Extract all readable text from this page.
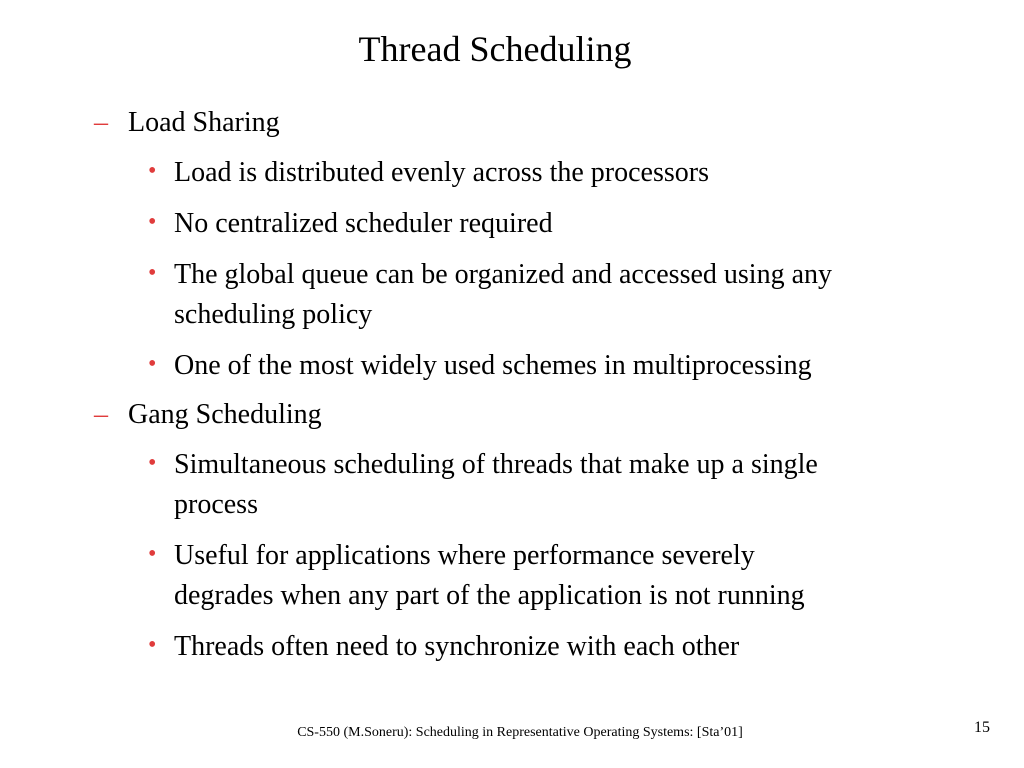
Thread Scheduling
– Load Sharing
• Load is distributed evenly across the processors
• No centralized scheduler required
• The global queue can be organized and accessed using any
scheduling policy
• One of the most widely used schemes in multiprocessing
– Gang Scheduling
• Simultaneous scheduling of threads that make up a single
process
• Useful for applications where performance severely
degrades when any part of the application is not running
• Threads often need to synchronize with each other
CS-550 (M.Soneru): Scheduling in Representative Operating Systems: [Sta’01]	15
